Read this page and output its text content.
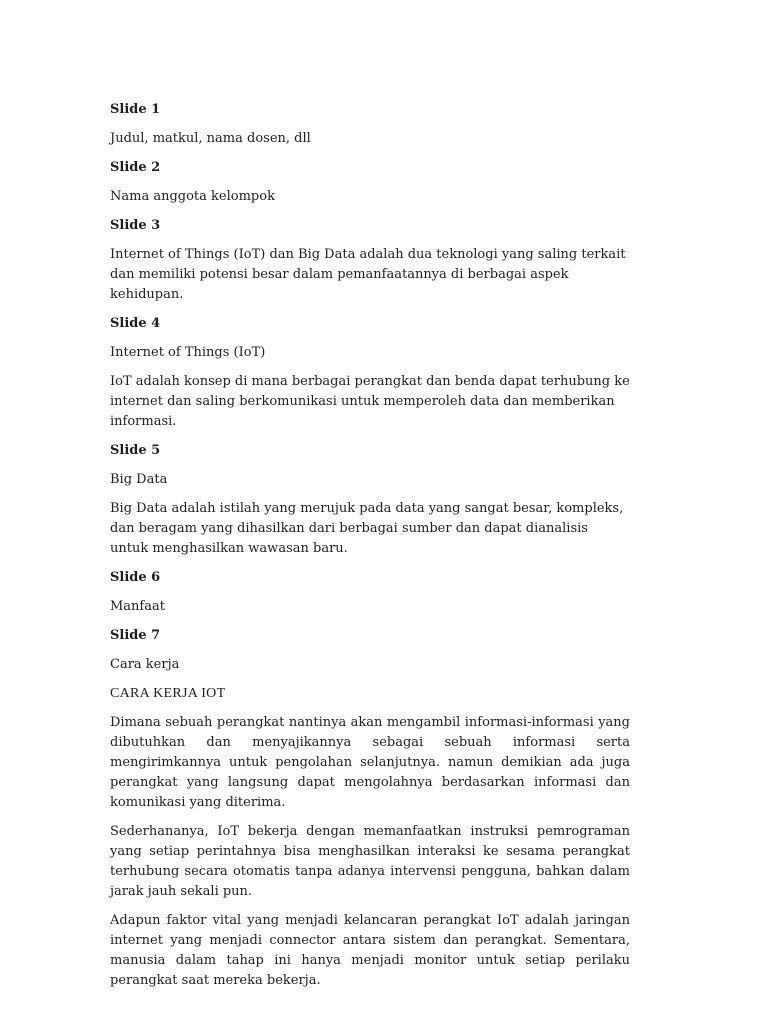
Slide 1

Judul, matkul, nama dosen, dll

Slide 2

Nama anggota kelompok

Slide 3

Internet of Things (IoT) dan Big Data adalah dua teknologi yang saling terkait dan memiliki potensi besar dalam pemanfaatannya di berbagai aspek kehidupan.

Slide 4

Internet of Things (IoT)

IoT adalah konsep di mana berbagai perangkat dan benda dapat terhubung ke internet dan saling berkomunikasi untuk memperoleh data dan memberikan informasi.

Slide 5

Big Data

Big Data adalah istilah yang merujuk pada data yang sangat besar, kompleks, dan beragam yang dihasilkan dari berbagai sumber dan dapat dianalisis untuk menghasilkan wawasan baru.

Slide 6

Manfaat

Slide 7

Cara kerja

CARA KERJA IOT

Dimana sebuah perangkat nantinya akan mengambil informasi-informasi yang dibutuhkan dan menyajikannya sebagai sebuah informasi serta mengirimkannya untuk pengolahan selanjutnya. namun demikian ada juga perangkat yang langsung dapat mengolahnya berdasarkan informasi dan komunikasi yang diterima.

Sederhananya, IoT bekerja dengan memanfaatkan instruksi pemrograman yang setiap perintahnya bisa menghasilkan interaksi ke sesama perangkat terhubung secara otomatis tanpa adanya intervensi pengguna, bahkan dalam jarak jauh sekali pun.

Adapun faktor vital yang menjadi kelancaran perangkat IoT adalah jaringan internet yang menjadi connector antara sistem dan perangkat. Sementara, manusia dalam tahap ini hanya menjadi monitor untuk setiap perilaku perangkat saat mereka bekerja.
